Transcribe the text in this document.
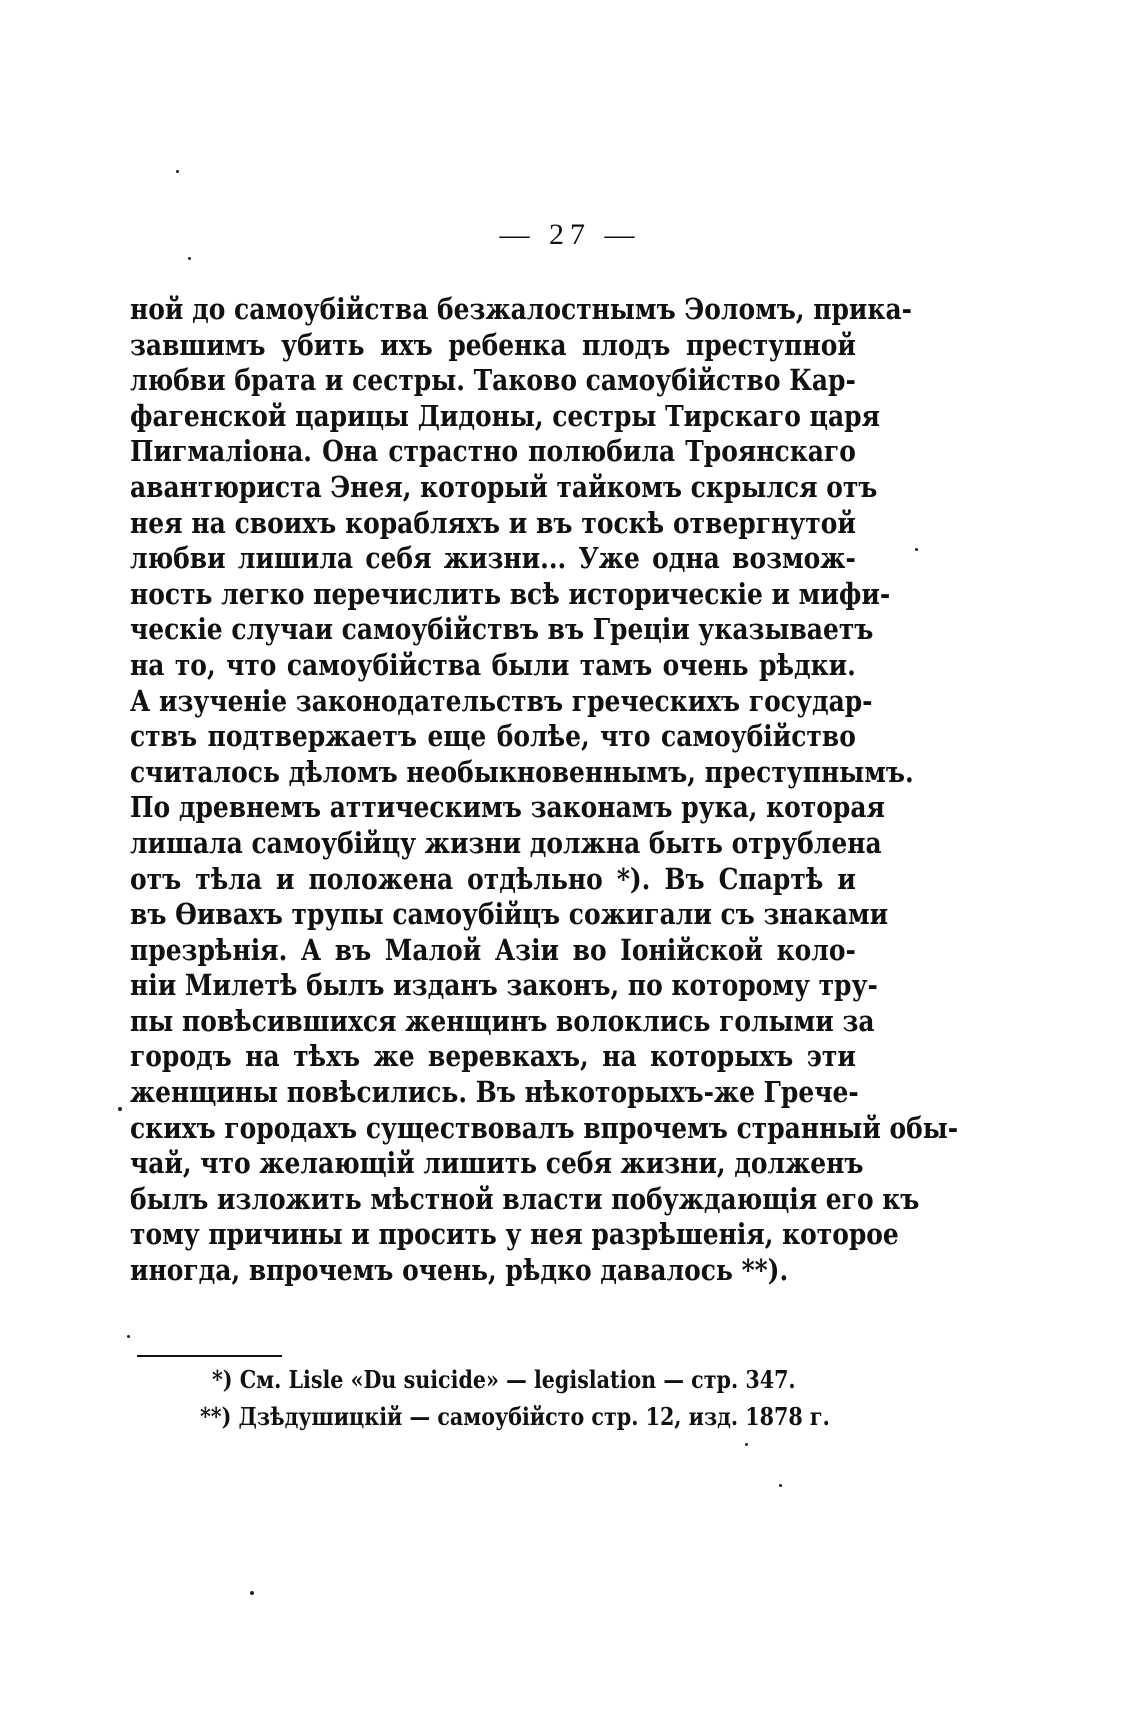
— 27 —
ной до самоубійства безжалостнымъ Эоломъ, прика-
завшимъ убить ихъ ребенка плодъ преступной
любви брата и сестры. Таково самоубійство Кар-
фагенской царицы Дидоны, сестры Тирскаго царя
Пигмаліона. Она страстно полюбила Троянскаго
авантюриста Энея, который тайкомъ скрылся отъ
нея на своихъ корабляхъ и въ тоскѣ отвергнутой
любви лишила себя жизни... Уже одна возмож-
ность легко перечислить всѣ историческіе и мифи-
ческіе случаи самоубійствъ въ Греціи указываетъ
на то, что самоубійства были тамъ очень рѣдки.
А изученіе законодательствъ греческихъ государ-
ствъ подтвержаетъ еще болѣе, что самоубійство
считалось дѣломъ необыкновеннымъ, преступнымъ.
По древнемъ аттическимъ законамъ рука, которая
лишала самоубійцу жизни должна быть отрублена
отъ тѣла и положена отдѣльно *). Въ Спартѣ и
въ Ѳивахъ трупы самоубійцъ сожигали съ знаками
презрѣнія. А въ Малой Азіи во Іонійской коло-
ніи Милетѣ былъ изданъ законъ, по которому тру-
пы повѣсившихся женщинъ волоклись голыми за
городъ на тѣхъ же веревкахъ, на которыхъ эти
женщины повѣсились. Въ нѣкоторыхъ-же Грече-
скихъ городахъ существовалъ впрочемъ странный обы-
чай, что желающій лишить себя жизни, долженъ
былъ изложить мѣстной власти побуждающія его къ
тому причины и просить у нея разрѣшенія, которое
иногда, впрочемъ очень, рѣдко давалось **).
*) См. Lisle «Du suicide» — legislation — стр. 347.
**) Дзѣдушицкій — самоубійсто стр. 12, изд. 1878 г.
